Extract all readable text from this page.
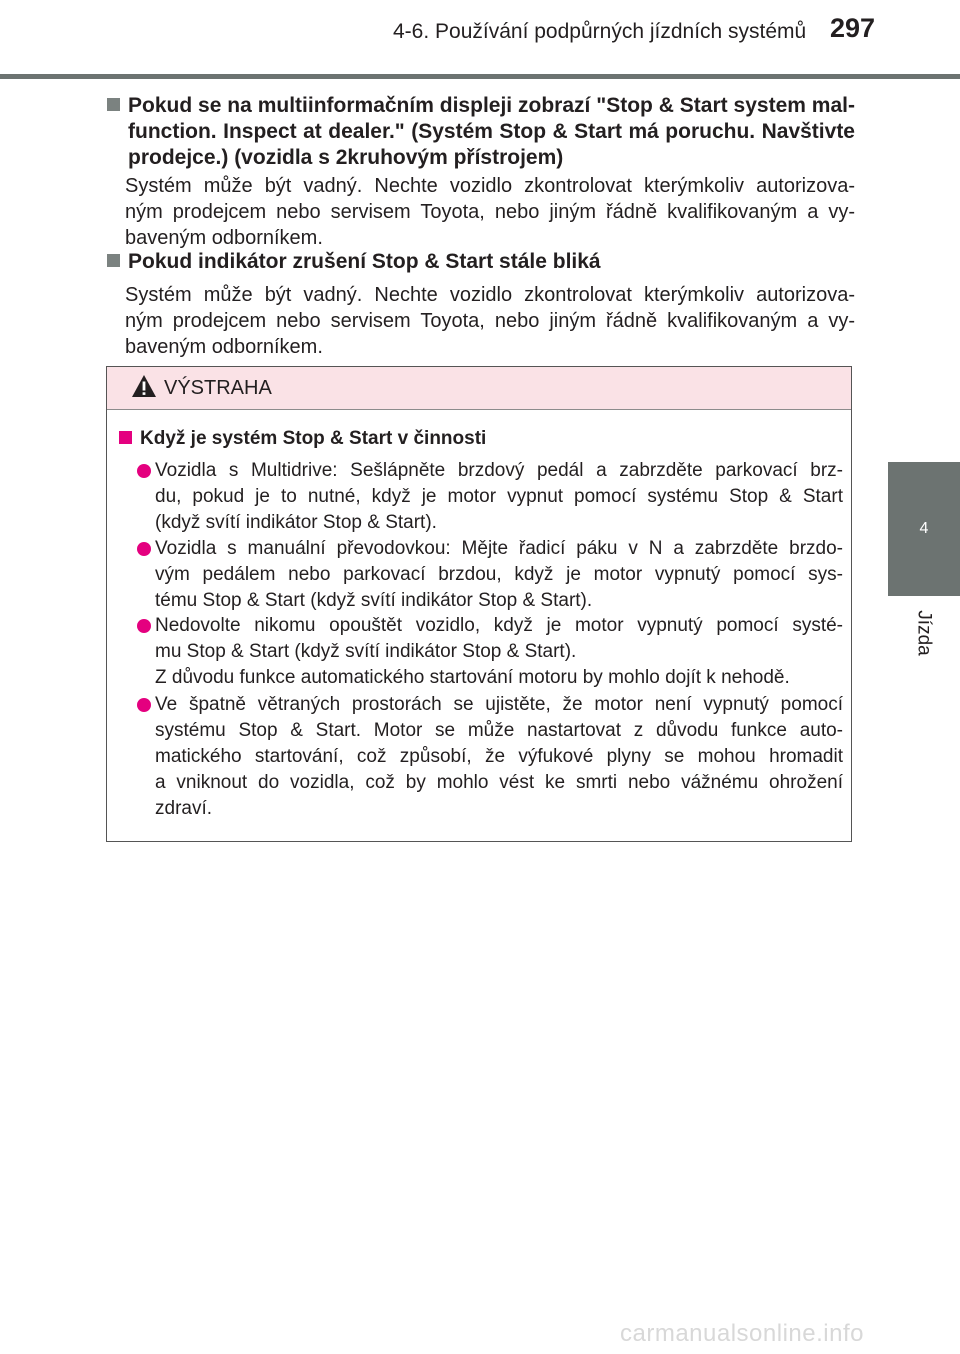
4-6. Používání podpůrných jízdních systémů 297
4
Jízda
Pokud se na multiinformačním displeji zobrazí "Stop & Start system mal-
function. Inspect at dealer." (Systém Stop & Start má poruchu. Navštivte
prodejce.) (vozidla s 2kruhovým přístrojem)
Systém může být vadný. Nechte vozidlo zkontrolovat kterýmkoliv autorizova-
ným prodejcem nebo servisem Toyota, nebo jiným řádně kvalifikovaným a vy-
baveným odborníkem.
Pokud indikátor zrušení Stop & Start stále bliká
Systém může být vadný. Nechte vozidlo zkontrolovat kterýmkoliv autorizova-
ným prodejcem nebo servisem Toyota, nebo jiným řádně kvalifikovaným a vy-
baveným odborníkem.
VÝSTRAHA
Když je systém Stop & Start v činnosti
Vozidla s Multidrive: Sešlápněte brzdový pedál a zabrzděte parkovací brz-
du, pokud je to nutné, když je motor vypnut pomocí systému Stop & Start
(když svítí indikátor Stop & Start).
Vozidla s manuální převodovkou: Mějte řadicí páku v N a zabrzděte brzdo-
vým pedálem nebo parkovací brzdou, když je motor vypnutý pomocí sys-
tému Stop & Start (když svítí indikátor Stop & Start).
Nedovolte nikomu opouštět vozidlo, když je motor vypnutý pomocí systé-
mu Stop & Start (když svítí indikátor Stop & Start).
Z důvodu funkce automatického startování motoru by mohlo dojít k nehodě.
Ve špatně větraných prostorách se ujistěte, že motor není vypnutý pomocí
systému Stop & Start. Motor se může nastartovat z důvodu funkce auto-
matického startování, což způsobí, že výfukové plyny se mohou hromadit
a vniknout do vozidla, což by mohlo vést ke smrti nebo vážnému ohrožení
zdraví.
carmanualsonline.info
